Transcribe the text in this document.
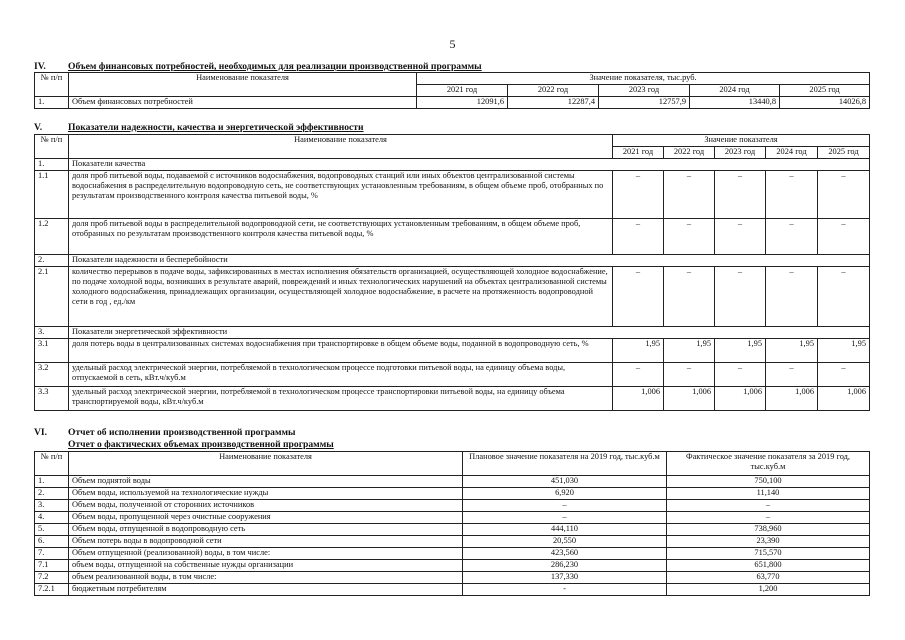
5
IV. Объем финансовых потребностей, необходимых для реализации производственной программы
№ п/п	Наименование показателя	Значение показателя, тыс.руб.				
		2021 год	2022 год	2023 год	2024 год	2025 год
1.	Объем финансовых потребностей	12091,6	12287,4	12757,9	13440,8	14026,8
V.	Показатели надежности, качества и энергетической эффективности
№ п/п	Наименование показателя	Значение показателя				
		2021 год	2022 год	2023 год	2024 год	2025 год
1.	Показатели качества					
1.1	доля проб питьевой воды, подаваемой с источников водоснабжения, водопроводных станций или иных объектов централизованной системы водоснабжения в распределительную водопроводную сеть, не соответствующих установленным требованиям, в общем объеме проб, отобранных по результатам производственного контроля качества питьевой воды, %	–	–	–	–	–
1.2	доля проб питьевой воды в распределительной водопроводной сети, не соответствующих установленным требованиям, в общем объеме проб, отобранных по результатам производственного контроля качества питьевой воды, %	–	–	–	–	–
2.	Показатели надежности и бесперебойности					
2.1	количество перерывов в подаче воды, зафиксированных в местах исполнения обязательств организацией, осуществляющей холодное водоснабжение, по подаче холодной воды, возникших в результате аварий, повреждений и иных технологических нарушений на объектах централизованной системы холодного водоснабжения, принадлежащих организации, осуществляющей холодное водоснабжение, в расчете на протяженность водопроводной сети в год , ед./км	–	–	–	–	–
3.	Показатели энергетической эффективности					
3.1	доля потерь воды в централизованных системах водоснабжения при транспортировке в общем объеме воды, поданной в водопроводную сеть, %	1,95	1,95	1,95	1,95	1,95
3.2	удельный расход электрической энергии, потребляемой в технологическом процессе подготовки питьевой воды, на единицу объема воды, отпускаемой в сеть, кВт.ч/куб.м	–	–	–	–	–
3.3	удельный расход электрической энергии, потребляемой в технологическом процессе транспортировки питьевой воды, на единицу объема транспортируемой воды, кВт.ч/куб.м	1,006	1,006	1,006	1,006	1,006
VI. Отчет об исполнении производственной программы
Отчет о фактических объемах производственной программы
№ п/п	Наименование показателя	Плановое значение показателя на 2019 год, тыс.куб.м	Фактическое значение показателя за 2019 год, тыс.куб.м
1.	Объем поднятой воды	451,030	750,100
2.	Объем воды, используемой на технологические нужды	6,920	11,140
3.	Объем воды, полученной от сторонних источников	–	–
4.	Объем воды, пропущенной через очистные сооружения	–	–
5.	Объем воды, отпущенной в водопроводную сеть	444,110	738,960
6.	Объем потерь воды в водопроводной сети	20,550	23,390
7.	Объем отпущенной (реализованной) воды, в том числе:	423,560	715,570
7.1	объем воды, отпущенной на собственные нужды организации	286,230	651,800
7.2	объем реализованной воды, в том числе:	137,330	63,770
7.2.1	бюджетным потребителям	-	1,200
